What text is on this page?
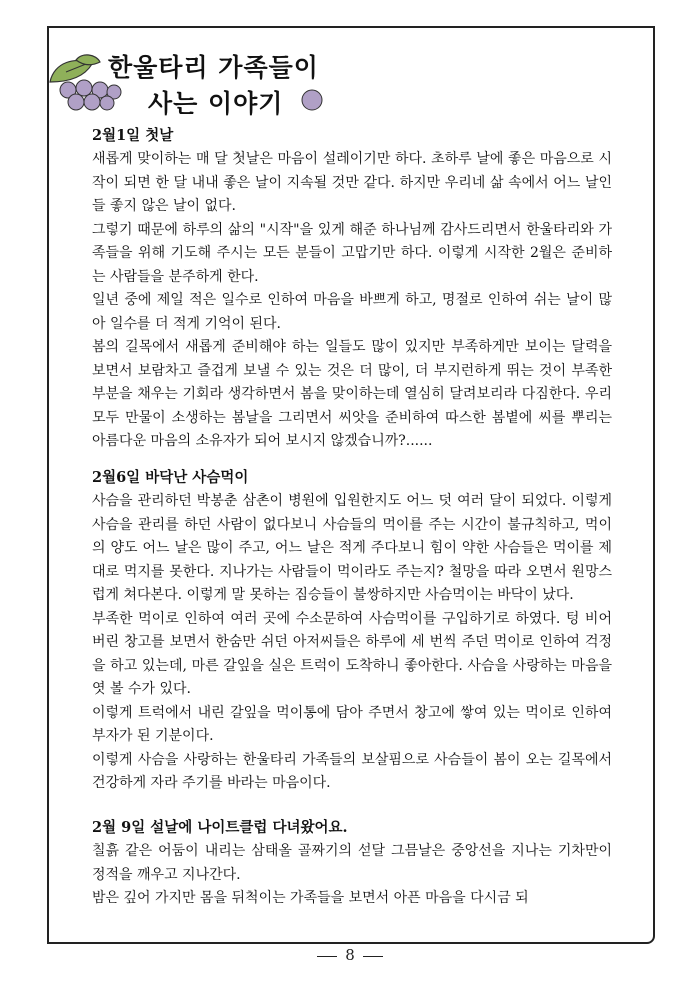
한울타리 가족들이
사는 이야기

2월1일 첫날

새롭게 맞이하는 매 달 첫날은 마음이 설레이기만 하다. 초하루 날에 좋은 마음으로 시작이 되면 한 달 내내 좋은 날이 지속될 것만 같다. 하지만 우리네 삶 속에서 어느 날인들 좋지 않은 날이 없다.

그렇기 때문에 하루의 삶의 "시작"을 있게 해준 하나님께 감사드리면서 한울타리와 가족들을 위해 기도해 주시는 모든 분들이 고맙기만 하다. 이렇게 시작한 2월은 준비하는 사람들을 분주하게 한다.

일년 중에 제일 적은 일수로 인하여 마음을 바쁘게 하고, 명절로 인하여 쉬는 날이 많아 일수를 더 적게 기억이 된다.

봄의 길목에서 새롭게 준비해야 하는 일들도 많이 있지만 부족하게만 보이는 달력을 보면서 보람차고 즐겁게 보낼 수 있는 것은 더 많이, 더 부지런하게 뛰는 것이 부족한 부분을 채우는 기회라 생각하면서 봄을 맞이하는데 열심히 달려보리라 다짐한다. 우리 모두 만물이 소생하는 봄날을 그리면서 씨앗을 준비하여 따스한 봄볕에 씨를 뿌리는 아름다운 마음의 소유자가 되어 보시지 않겠습니까?......

2월6일 바닥난 사슴먹이

사슴을 관리하던 박봉춘 삼촌이 병원에 입원한지도 어느 덧 여러 달이 되었다. 이렇게 사슴을 관리를 하던 사람이 없다보니 사슴들의 먹이를 주는 시간이 불규칙하고, 먹이의 양도 어느 날은 많이 주고, 어느 날은 적게 주다보니 힘이 약한 사슴들은 먹이를 제대로 먹지를 못한다. 지나가는 사람들이 먹이라도 주는지? 철망을 따라 오면서 원망스럽게 쳐다본다. 이렇게 말 못하는 짐승들이 불쌍하지만 사슴먹이는 바닥이 났다.

부족한 먹이로 인하여 여러 곳에 수소문하여 사슴먹이를 구입하기로 하였다. 텅 비어버린 창고를 보면서 한숨만 쉬던 아저씨들은 하루에 세 번씩 주던 먹이로 인하여 걱정을 하고 있는데, 마른 갈잎을 실은 트럭이 도착하니 좋아한다. 사슴을 사랑하는 마음을 엿 볼 수가 있다.

이렇게 트럭에서 내린 갈잎을 먹이통에 담아 주면서 창고에 쌓여 있는 먹이로 인하여 부자가 된 기분이다.

이렇게 사슴을 사랑하는 한울타리 가족들의 보살핌으로 사슴들이 봄이 오는 길목에서 건강하게 자라 주기를 바라는 마음이다.

2월 9일 설날에 나이트클럽 다녀왔어요.

칠흙 같은 어둠이 내리는 삼태올 골짜기의 섣달 그믐날은 중앙선을 지나는 기차만이 정적을 깨우고 지나간다.

밤은 깊어 가지만 몸을 뒤척이는 가족들을 보면서 아픈 마음을 다시금 되

8
